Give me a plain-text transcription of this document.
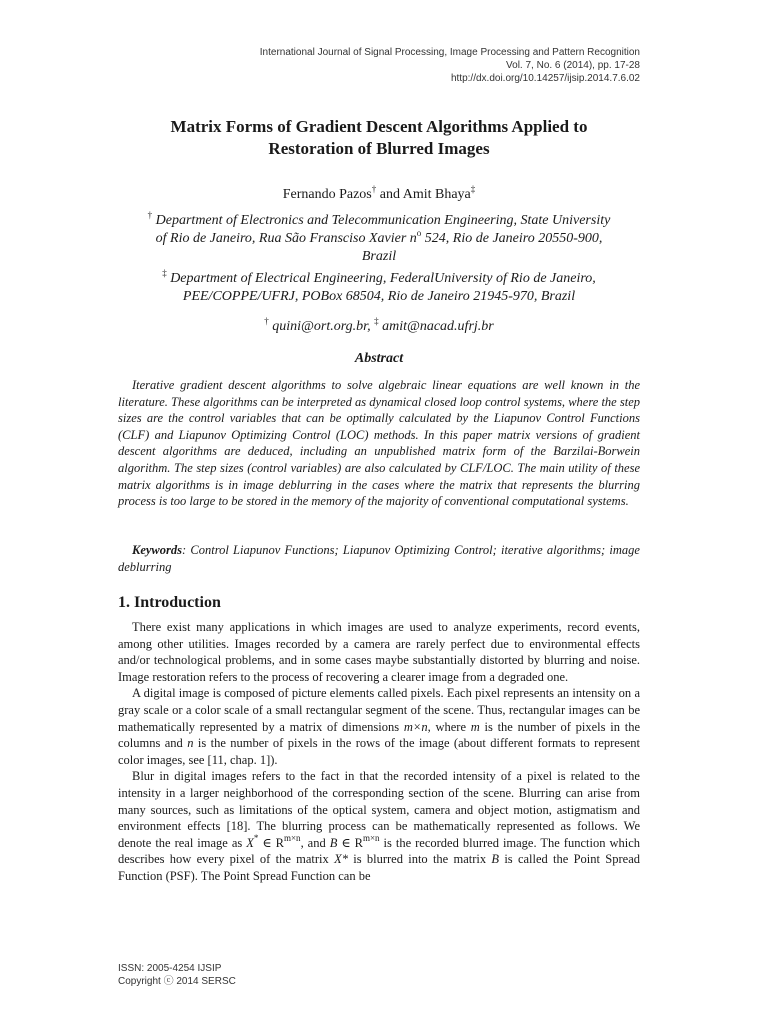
International Journal of Signal Processing, Image Processing and Pattern Recognition
Vol. 7, No. 6 (2014), pp. 17-28
http://dx.doi.org/10.14257/ijsip.2014.7.6.02
Matrix Forms of Gradient Descent Algorithms Applied to
Restoration of Blurred Images
Fernando Pazos† and Amit Bhaya‡
† Department of Electronics and Telecommunication Engineering, State University
of Rio de Janeiro, Rua São Fransciso Xavier $n^o$ 524, Rio de Janeiro 20550-900,
Brazil
‡ Department of Electrical Engineering, FederalUniversity of Rio de Janeiro,
PEE/COPPE/UFRJ, POBox 68504, Rio de Janeiro 21945-970, Brazil
† quini@ort.org.br, ‡ amit@nacad.ufrj.br
Abstract

Iterative gradient descent algorithms to solve algebraic linear equations are well known in the literature. These algorithms can be interpreted as dynamical closed loop control systems, where the step sizes are the control variables that can be optimally calculated by the Liapunov Control Functions (CLF) and Liapunov Optimizing Control (LOC) methods. In this paper matrix versions of gradient descent algorithms are deduced, including an unpublished matrix form of the Barzilai-Borwein algorithm. The step sizes (control variables) are also calculated by CLF/LOC. The main utility of these matrix algorithms is in image deblurring in the cases where the matrix that represents the blurring process is too large to be stored in the memory of the majority of conventional computational systems.

Keywords: Control Liapunov Functions; Liapunov Optimizing Control; iterative algorithms; image deblurring

1. Introduction

There exist many applications in which images are used to analyze experiments, record events, among other utilities. Images recorded by a camera are rarely perfect due to environmental effects and/or technological problems, and in some cases maybe substantially distorted by blurring and noise. Image restoration refers to the process of recovering a clearer image from a degraded one.

A digital image is composed of picture elements called pixels. Each pixel represents an intensity on a gray scale or a color scale of a small rectangular segment of the scene. Thus, rectangular images can be mathematically represented by a matrix of dimensions m×n, where m is the number of pixels in the columns and n is the number of pixels in the rows of the image (about different formats to represent color images, see [11, chap. 1]).

Blur in digital images refers to the fact in that the recorded intensity of a pixel is related to the intensity in a larger neighborhood of the corresponding section of the scene. Blurring can arise from many sources, such as limitations of the optical system, camera and object motion, astigmatism and environment effects [18]. The blurring process can be mathematically represented as follows. We denote the real image as X* ∈ $R^{m\times n}$, and B ∈ $R^{m\times n}$ is the recorded blurred image. The function which describes how every pixel of the matrix X* is blurred into the matrix B is called the Point Spread Function (PSF). The Point Spread Function can be

ISSN: 2005-4254 IJSIP
Copyright ⓒ 2014 SERSC
